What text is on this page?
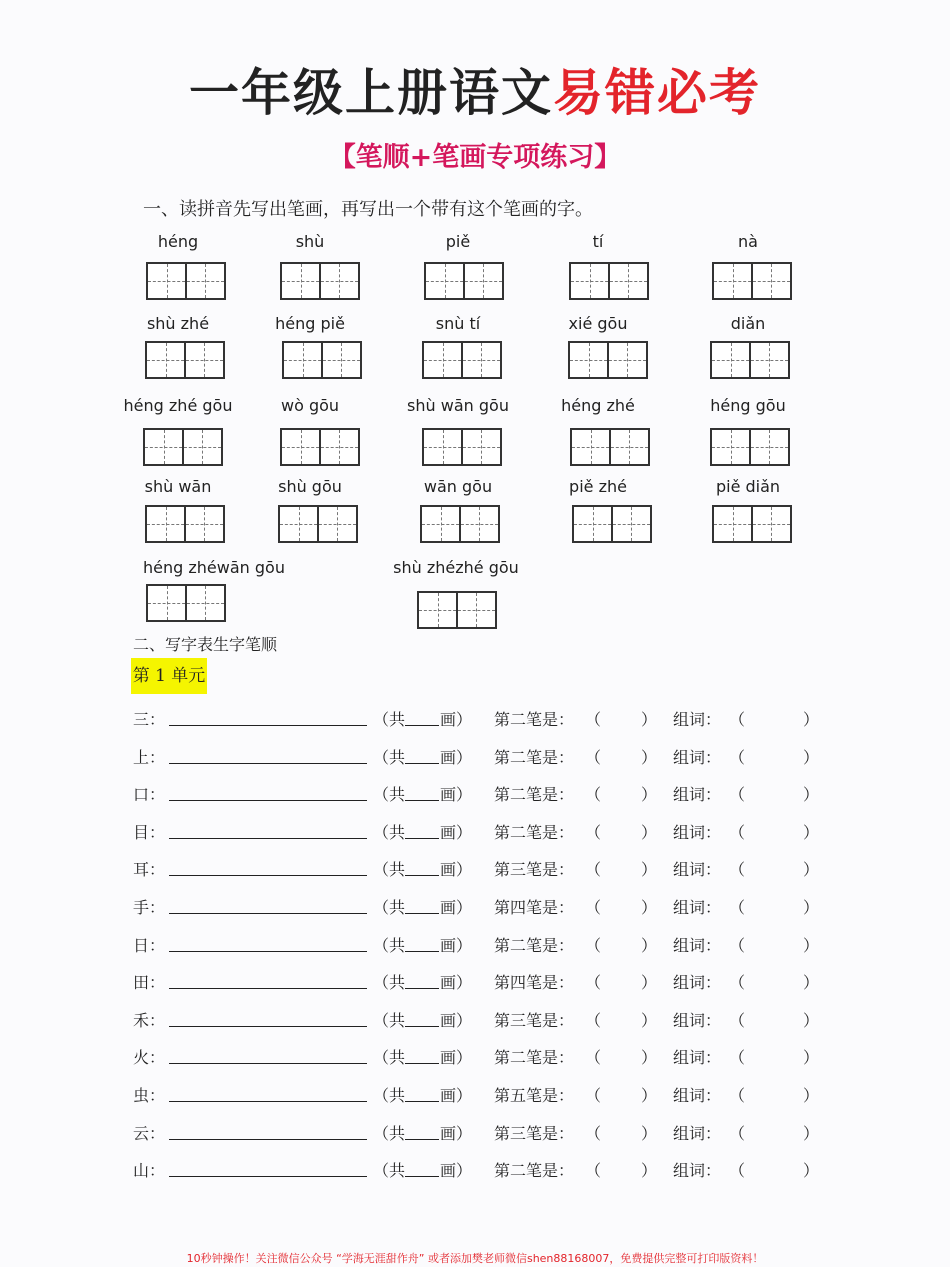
一年级上册语文易错必考
【笔顺+笔画专项练习】
一、读拼音先写出笔画，再写出一个带有这个笔画的字。
héng	shù	piě	tí	nà
shù zhé	héng piě	snù tí	xié gōu	diǎn
héng zhé gōu	wò gōu	shù wān gōu	héng zhé	héng gōu
shù wān	shù gōu	wān gōu	piě zhé	piě diǎn
héng zhéwān gōu	shù zhézhé gōu
二、写字表生字笔顺
第 1 单元
三：	（共 画） 第二笔是： （ ） 组词： （	）
上：	（共 画） 第二笔是： （ ） 组词： （	）
口：	（共 画） 第二笔是： （ ） 组词： （	）
目：	（共 画） 第二笔是： （ ） 组词： （	）
耳：	（共 画） 第三笔是： （ ） 组词： （	）
手：	（共 画） 第四笔是： （ ） 组词： （	）
日：	（共 画） 第二笔是： （ ） 组词： （	）
田：	（共 画） 第四笔是： （ ） 组词： （	）
禾：	（共 画） 第三笔是： （ ） 组词： （	）
火：	（共 画） 第二笔是： （ ） 组词： （	）
虫：	（共 画） 第五笔是： （ ） 组词： （	）
云：	（共 画） 第三笔是： （ ） 组词： （	）
山：	（共 画） 第二笔是： （ ） 组词： （	）
10秒钟操作！关注微信公众号 “学海无涯甜作舟” 或者添加樊老师微信shen88168007，免费提供完整可打印版资料！
